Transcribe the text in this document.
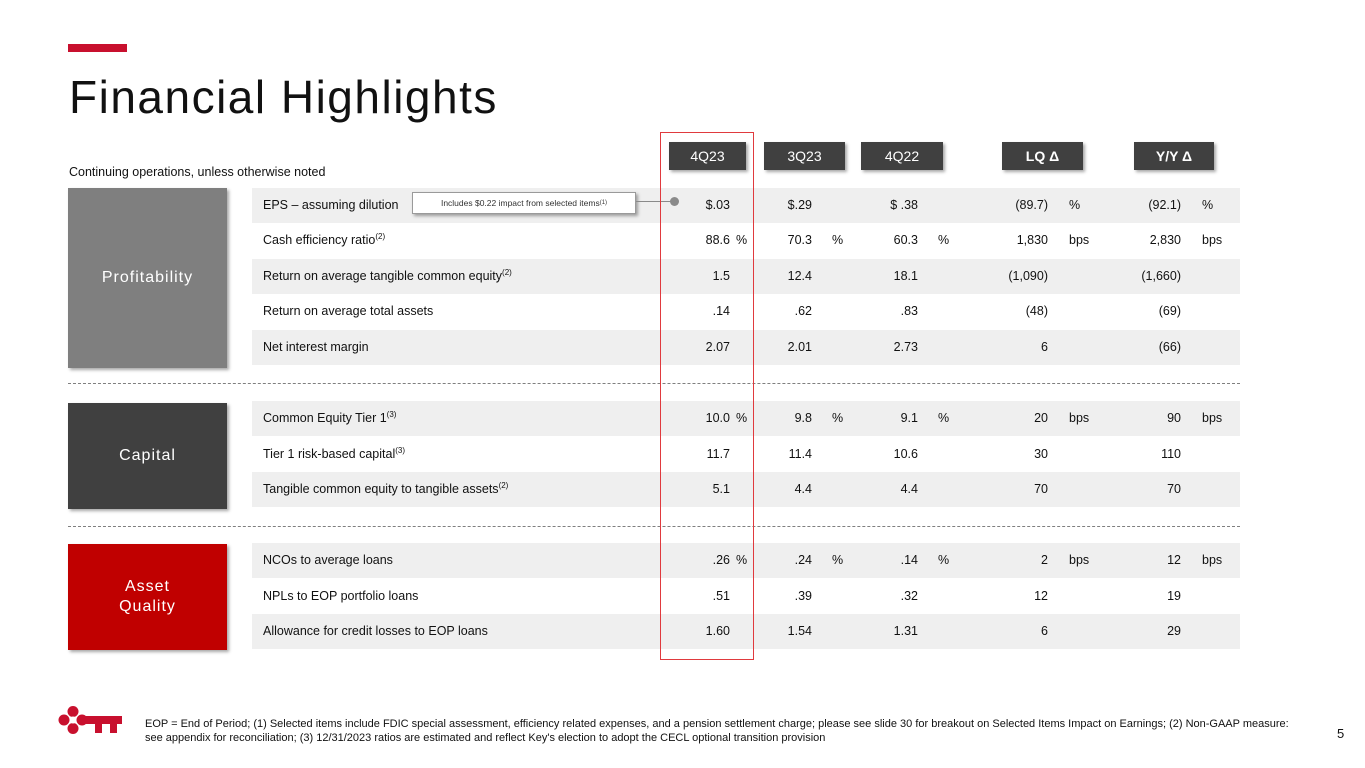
Financial Highlights
Continuing operations, unless otherwise noted
4Q23	3Q23	4Q22	LQ Δ	Y/Y Δ
Profitability
Capital
Asset
Quality
EPS – assuming dilution	$.03	$.29	$ .38	(89.7) %	(92.1) %
Cash efficiency ratio$^{(2)}$	88.6 %	70.3 %	60.3 %	1,830 bps	2,830 bps
Return on average tangible common equity$^{(2)}$	1.5	12.4	18.1	(1,090)	(1,660)
Return on average total assets	.14	.62	.83	(48)	(69)
Net interest margin	2.07	2.01	2.73	6	(66)
Common Equity Tier 1$^{(3)}$	10.0 %	9.8 %	9.1 %	20 bps	90 bps
Tier 1 risk-based capital$^{(3)}$	11.7	11.4	10.6	30	110
Tangible common equity to tangible assets$^{(2)}$	5.1	4.4	4.4	70	70
NCOs to average loans	.26 %	.24 %	.14 %	2 bps	12 bps
NPLs to EOP portfolio loans	.51	.39	.32	12	19
Allowance for credit losses to EOP loans	1.60	1.54	1.31	6	29
Includes $0.22 impact from selected items (1)
EOP = End of Period; (1) Selected items include FDIC special assessment, efficiency related expenses, and a pension settlement charge; please see slide 30 for breakout on Selected Items Impact on Earnings; (2) Non-GAAP measure: see appendix for reconciliation; (3) 12/31/2023 ratios are estimated and reflect Key's election to adopt the CECL optional transition provision	5
